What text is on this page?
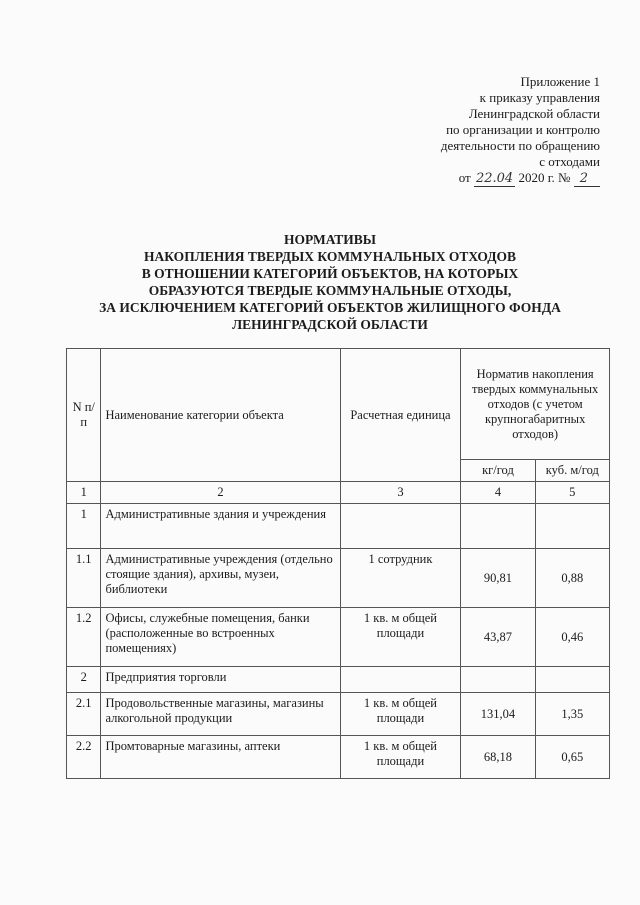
Приложение 1
к приказу управления
Ленинградской области
по организации и контролю
деятельности по обращению
с отходами
от 22.04 2020 г. № 2
НОРМАТИВЫ
НАКОПЛЕНИЯ ТВЕРДЫХ КОММУНАЛЬНЫХ ОТХОДОВ
В ОТНОШЕНИИ КАТЕГОРИЙ ОБЪЕКТОВ, НА КОТОРЫХ
ОБРАЗУЮТСЯ ТВЕРДЫЕ КОММУНАЛЬНЫЕ ОТХОДЫ,
ЗА ИСКЛЮЧЕНИЕМ КАТЕГОРИЙ ОБЪЕКТОВ ЖИЛИЩНОГО ФОНДА
ЛЕНИНГРАДСКОЙ ОБЛАСТИ
N п/п	Наименование категории объекта	Расчетная единица	Норматив накопления твердых коммунальных отходов (с учетом крупногабаритных отходов)	
			кг/год	куб. м/год
1	2	3	4	5
1	Административные здания и учреждения			
1.1	Административные учреждения (отдельно стоящие здания), архивы, музеи, библиотеки	1 сотрудник	90,81	0,88
1.2	Офисы, служебные помещения, банки (расположенные во встроенных помещениях)	1 кв. м общей площади	43,87	0,46
2	Предприятия торговли			
2.1	Продовольственные магазины, магазины алкогольной продукции	1 кв. м общей площади	131,04	1,35
2.2	Промтоварные магазины, аптеки	1 кв. м общей площади	68,18	0,65
